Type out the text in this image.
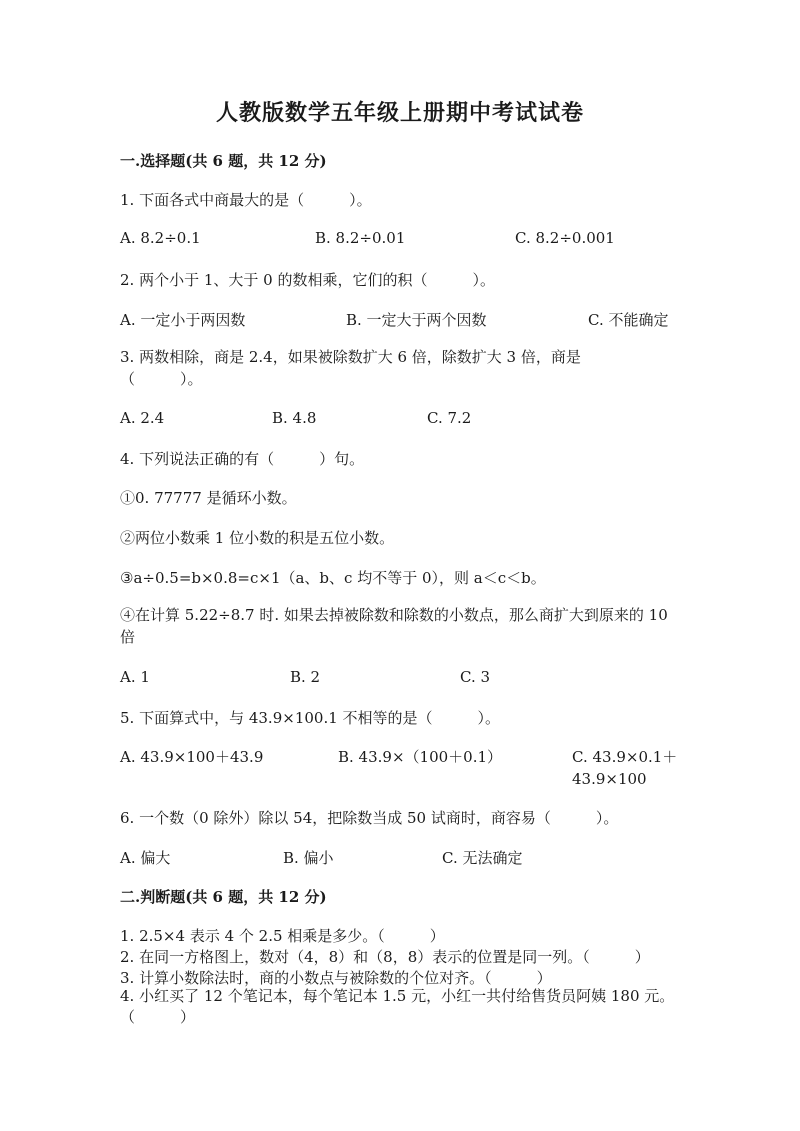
人教版数学五年级上册期中考试试卷
一.选择题(共 6 题，共 12 分)
1. 下面各式中商最大的是（　　　）。
A. 8.2÷0.1	B. 8.2÷0.01	C. 8.2÷0.001
2. 两个小于 1、大于 0 的数相乘，它们的积（　　　）。
A. 一定小于两因数	B. 一定大于两个因数	C. 不能确定
3. 两数相除，商是 2.4，如果被除数扩大 6 倍，除数扩大 3 倍，商是（　　　）。
A. 2.4	B. 4.8	C. 7.2
4. 下列说法正确的有（　　　）句。
①0. 77777 是循环小数。
②两位小数乘 1 位小数的积是五位小数。
③a÷0.5=b×0.8=c×1（a、b、c 均不等于 0），则 a＜c＜b。
④在计算 5.22÷8.7 时. 如果去掉被除数和除数的小数点，那么商扩大到原来的 10 倍
A. 1	B. 2	C. 3
5. 下面算式中，与 43.9×100.1 不相等的是（　　　）。
A. 43.9×100＋43.9	B. 43.9×（100＋0.1）	C. 43.9×0.1＋43.9×100
6. 一个数（0 除外）除以 54，把除数当成 50 试商时，商容易（　　　）。
A. 偏大	B. 偏小	C. 无法确定
二.判断题(共 6 题，共 12 分)
1. 2.5×4 表示 4 个 2.5 相乘是多少。（　　　）
2. 在同一方格图上，数对（4，8）和（8，8）表示的位置是同一列。（　　　）
3. 计算小数除法时，商的小数点与被除数的个位对齐。（　　　）
4. 小红买了 12 个笔记本，每个笔记本 1.5 元，小红一共付给售货员阿姨 180 元。（　　　）
